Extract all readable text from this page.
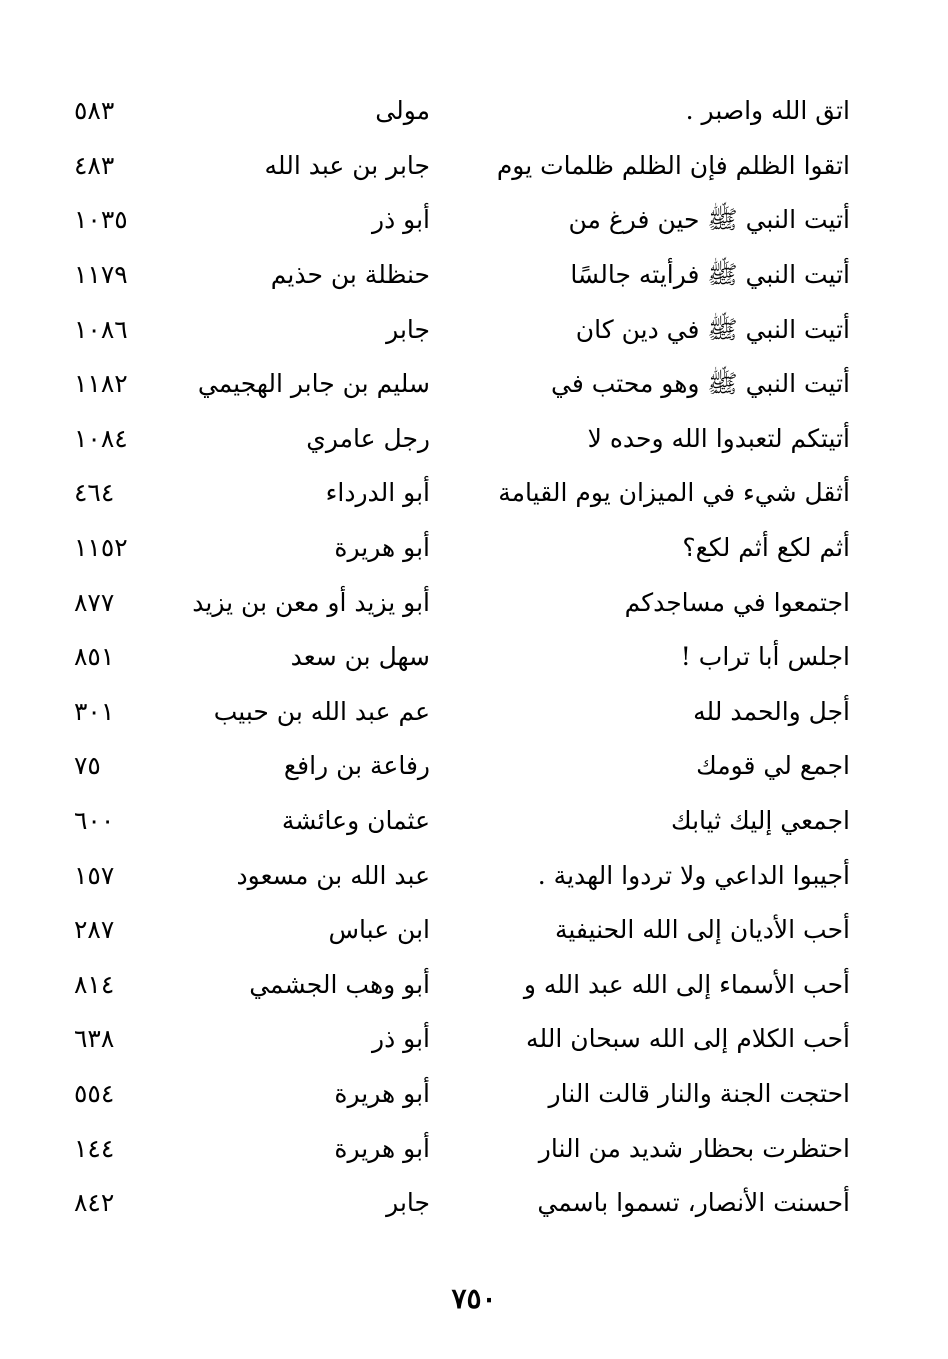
اتق الله واصبر .
مولى
٥٨٣
اتقوا الظلم فإن الظلم ظلمات يوم
جابر بن عبد الله
٤٨٣
أتيت النبي ﷺ حين فرغ من
أبو ذر
١٠٣٥
أتيت النبي ﷺ فرأيته جالسًا
حنظلة بن حذيم
١١٧٩
أتيت النبي ﷺ في دين كان
جابر
١٠٨٦
أتيت النبي ﷺ وهو محتب في
سليم بن جابر الهجيمي
١١٨٢
أتيتكم لتعبدوا الله وحده لا
رجل عامري
١٠٨٤
أثقل شيء في الميزان يوم القيامة
أبو الدرداء
٤٦٤
أثم لكع أثم لكع؟
أبو هريرة
١١٥٢
اجتمعوا في مساجدكم
أبو يزيد أو معن بن يزيد
٨٧٧
اجلس أبا تراب !
سهل بن سعد
٨٥١
أجل والحمد لله
عم عبد الله بن حبيب
٣٠١
اجمع لي قومك
رفاعة بن رافع
٧٥
اجمعي إليك ثيابك
عثمان وعائشة
٦٠٠
أجيبوا الداعي ولا تردوا الهدية .
عبد الله بن مسعود
١٥٧
أحب الأديان إلى الله الحنيفية
ابن عباس
٢٨٧
أحب الأسماء إلى الله عبد الله و
أبو وهب الجشمي
٨١٤
أحب الكلام إلى الله سبحان الله
أبو ذر
٦٣٨
احتجت الجنة والنار قالت النار
أبو هريرة
٥٥٤
احتظرت بحظار شديد من النار
أبو هريرة
١٤٤
أحسنت الأنصار، تسموا باسمي
جابر
٨٤٢
٧٥٠
